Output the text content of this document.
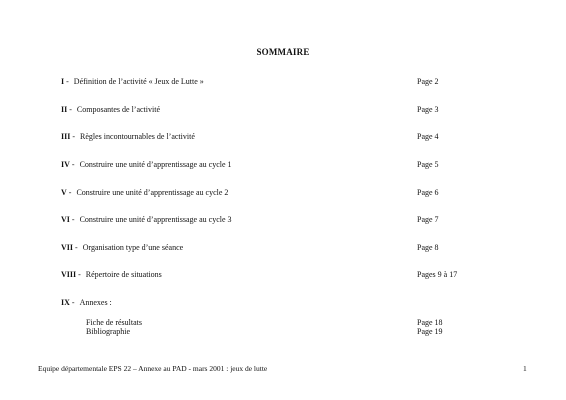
SOMMAIRE
I - Définition de l’activité « Jeux de Lutte »	Page 2
II - Composantes de l’activité	Page 3
III - Règles incontournables de l’activité	Page 4
IV - Construire une unité d’apprentissage au cycle 1	Page 5
V - Construire une unité d’apprentissage au cycle 2	Page 6
VI - Construire une unité d’apprentissage au cycle 3	Page 7
VII - Organisation type d’une séance	Page 8
VIII - Répertoire de situations	Pages 9 à 17
IX - Annexes :
Fiche de résultats	Page 18
Bibliographie	Page 19
Equipe départementale EPS 22 – Annexe au PAD - mars 2001 : jeux de lutte	1
